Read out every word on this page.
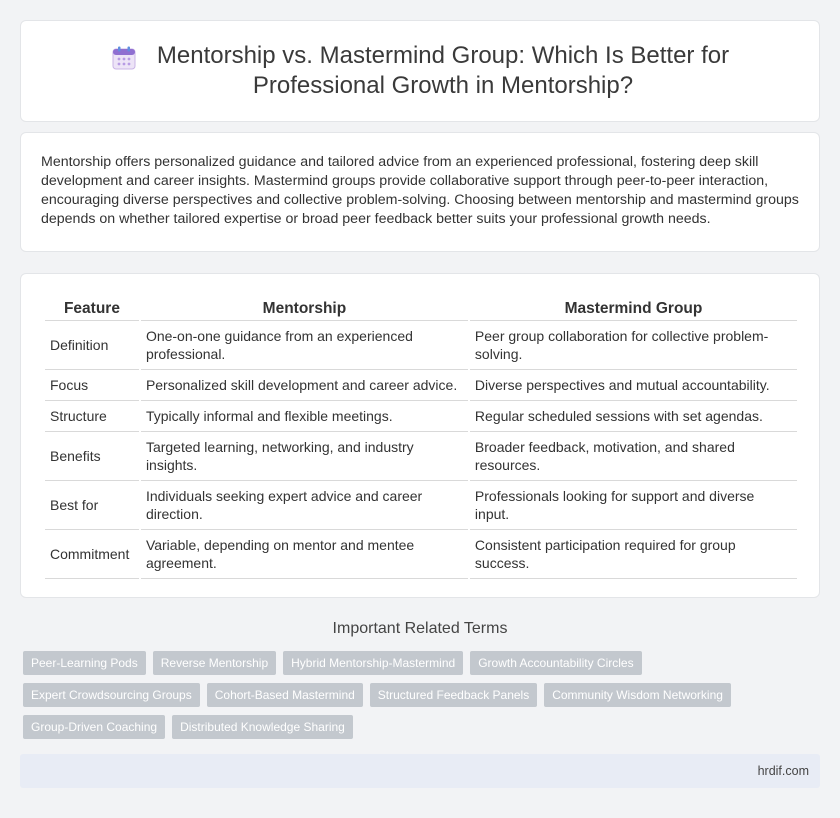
Mentorship vs. Mastermind Group: Which Is Better for
Professional Growth in Mentorship?

Mentorship offers personalized guidance and tailored advice from an experienced professional, fostering deep skill development and career insights. Mastermind groups provide collaborative support through peer-to-peer interaction, encouraging diverse perspectives and collective problem-solving. Choosing between mentorship and mastermind groups depends on whether tailored expertise or broad peer feedback better suits your professional growth needs.

Feature	Mentorship	Mastermind Group
Definition	One-on-one guidance from an experienced professional.	Peer group collaboration for collective problem-solving.
Focus	Personalized skill development and career advice.	Diverse perspectives and mutual accountability.
Structure	Typically informal and flexible meetings.	Regular scheduled sessions with set agendas.
Benefits	Targeted learning, networking, and industry insights.	Broader feedback, motivation, and shared resources.
Best for	Individuals seeking expert advice and career direction.	Professionals looking for support and diverse input.
Commitment	Variable, depending on mentor and mentee agreement.	Consistent participation required for group success.
Important Related Terms
Peer-Learning Pods	Reverse Mentorship	Hybrid Mentorship-Mastermind	Growth Accountability Circles
Expert Crowdsourcing Groups	Cohort-Based Mastermind	Structured Feedback Panels	Community Wisdom Networking
Group-Driven Coaching	Distributed Knowledge Sharing
hrdif.com
